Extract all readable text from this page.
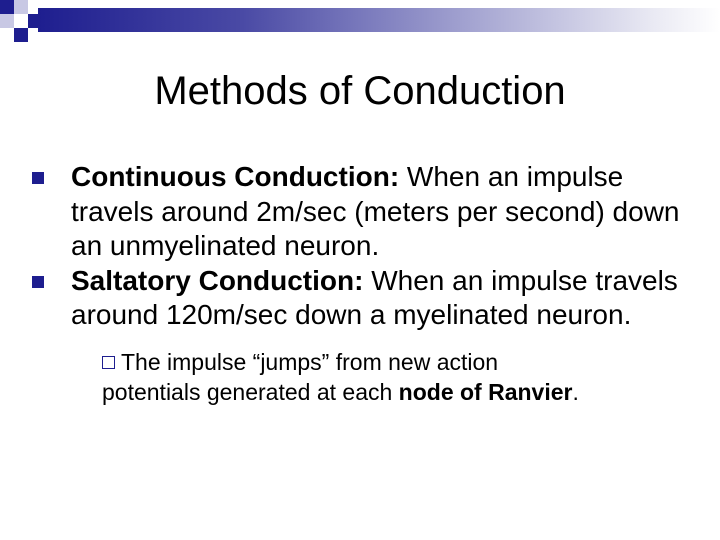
Methods of Conduction
Continuous Conduction: When an impulse travels around 2m/sec (meters per second) down an unmyelinated neuron.
Saltatory Conduction: When an impulse travels around 120m/sec down a myelinated neuron.
The impulse “jumps” from new action potentials generated at each node of Ranvier.
